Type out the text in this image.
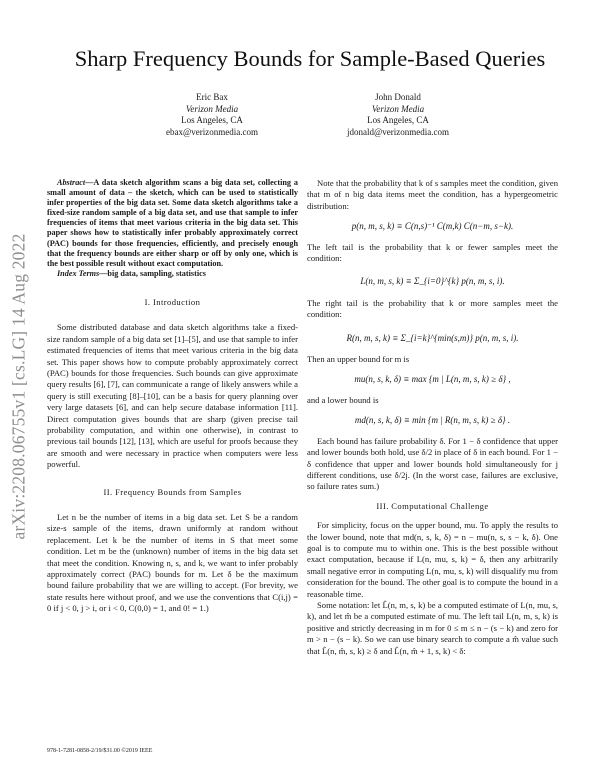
arXiv:2208.06755v1 [cs.LG] 14 Aug 2022
Sharp Frequency Bounds for Sample-Based Queries
Eric Bax
Verizon Media
Los Angeles, CA
ebax@verizonmedia.com
John Donald
Verizon Media
Los Angeles, CA
jdonald@verizonmedia.com

Abstract—A data sketch algorithm scans a big data set, collecting a small amount of data – the sketch, which can be used to statistically infer properties of the big data set. Some data sketch algorithms take a fixed-size random sample of a big data set, and use that sample to infer frequencies of items that meet various criteria in the big data set. This paper shows how to statistically infer probably approximately correct (PAC) bounds for those frequencies, efficiently, and precisely enough that the frequency bounds are either sharp or off by only one, which is the best possible result without exact computation.

Index Terms—big data, sampling, statistics

I. Introduction

Some distributed database and data sketch algorithms take a fixed-size random sample of a big data set [1]–[5], and use that sample to infer estimated frequencies of items that meet various criteria in the big data set. This paper shows how to compute probably approximately correct (PAC) bounds for those frequencies. Such bounds can give approximate query results [6], [7], can communicate a range of likely answers while a query is still executing [8]–[10], can be a basis for query planning over very large datasets [6], and can help secure database information [11]. Direct computation gives bounds that are sharp (given precise tail probability computation, and within one otherwise), in contrast to previous tail bounds [12], [13], which are useful for proofs because they are smooth and were necessary in practice when computers were less powerful.

II. Frequency Bounds from Samples

Let n be the number of items in a big data set. Let S be a random size-s sample of the items, drawn uniformly at random without replacement. Let k be the number of items in S that meet some condition. Let m be the (unknown) number of items in the big data set that meet the condition. Knowing n, s, and k, we want to infer probably approximately correct (PAC) bounds for m. Let δ be the maximum bound failure probability that we are willing to accept. (For brevity, we state results here without proof, and we use the conventions that C(i,j) = 0 if j < 0, j > i, or i < 0, C(0,0) = 1, and 0! = 1.)

Note that the probability that k of s samples meet the condition, given that m of n big data items meet the condition, has a hypergeometric distribution:

p(n, m, s, k) ≡ C(n,s)⁻¹ C(m,k) C(n−m, s−k).

The left tail is the probability that k or fewer samples meet the condition:

L(n, m, s, k) ≡ Σ_{i=0}^{k} p(n, m, s, i).

The right tail is the probability that k or more samples meet the condition:

R(n, m, s, k) ≡ Σ_{i=k}^{min(s,m)} p(n, m, s, i).

Then an upper bound for m is

mu(n, s, k, δ) ≡ max {m | L(n, m, s, k) ≥ δ} ,

and a lower bound is

md(n, s, k, δ) ≡ min {m | R(n, m, s, k) ≥ δ} .

Each bound has failure probability δ. For 1 − δ confidence that upper and lower bounds both hold, use δ/2 in place of δ in each bound. For 1 − δ confidence that upper and lower bounds hold simultaneously for j different conditions, use δ/2j. (In the worst case, failures are exclusive, so failure rates sum.)

III. Computational Challenge

For simplicity, focus on the upper bound, mu. To apply the results to the lower bound, note that md(n, s, k, δ) = n − mu(n, s, s − k, δ). One goal is to compute mu to within one. This is the best possible without exact computation, because if L(n, mu, s, k) = δ, then any arbitrarily small negative error in computing L(n, mu, s, k) will disqualify mu from consideration for the bound. The other goal is to compute the bound in a reasonable time.

Some notation: let L̂(n, m, s, k) be a computed estimate of L(n, mu, s, k), and let m̂ be a computed estimate of mu. The left tail L(n, m, s, k) is positive and strictly decreasing in m for 0 ≤ m ≤ n − (s − k) and zero for m > n − (s − k). So we can use binary search to compute a m̂ value such that L̂(n, m̂, s, k) ≥ δ and L̂(n, m̂ + 1, s, k) < δ:

978-1-7281-0858-2/19/$31.00 ©2019 IEEE
